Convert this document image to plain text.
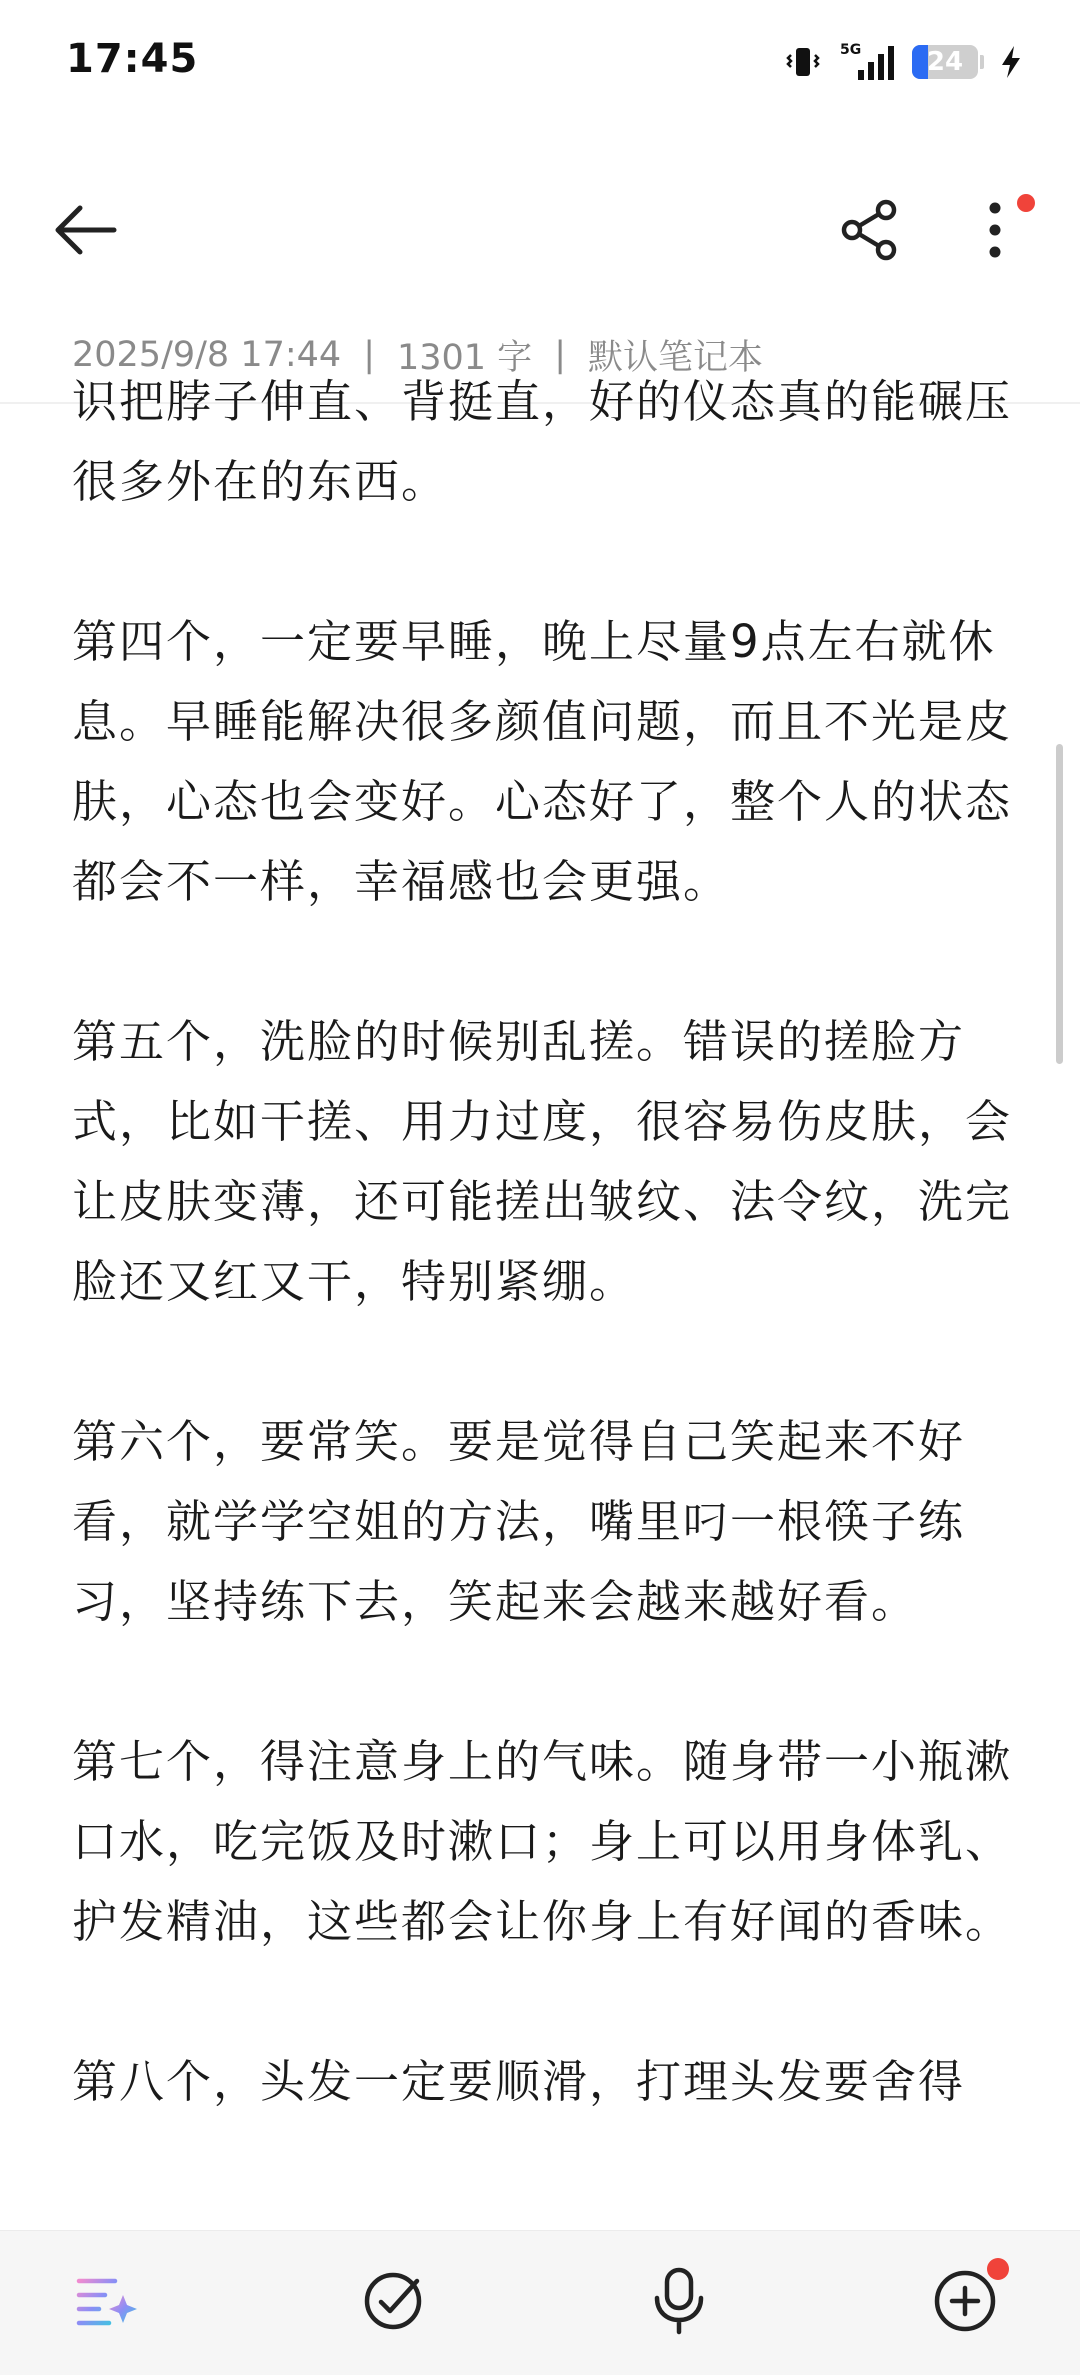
17:45	5G	24
2025/9/8 17:44 | 1301 字 | 默认笔记本

识把脖子伸直、背挺直，好的仪态真的能碾压很多外在的东西。

第四个，一定要早睡，晚上尽量9点左右就休息。早睡能解决很多颜值问题，而且不光是皮肤，心态也会变好。心态好了，整个人的状态都会不一样，幸福感也会更强。

第五个，洗脸的时候别乱搓。错误的搓脸方式，比如干搓、用力过度，很容易伤皮肤，会让皮肤变薄，还可能搓出皱纹、法令纹，洗完脸还又红又干，特别紧绷。

第六个，要常笑。要是觉得自己笑起来不好看，就学学空姐的方法，嘴里叼一根筷子练习，坚持练下去，笑起来会越来越好看。

第七个，得注意身上的气味。随身带一小瓶漱口水，吃完饭及时漱口；身上可以用身体乳、护发精油，这些都会让你身上有好闻的香味。

第八个，头发一定要顺滑，打理头发要舍得
